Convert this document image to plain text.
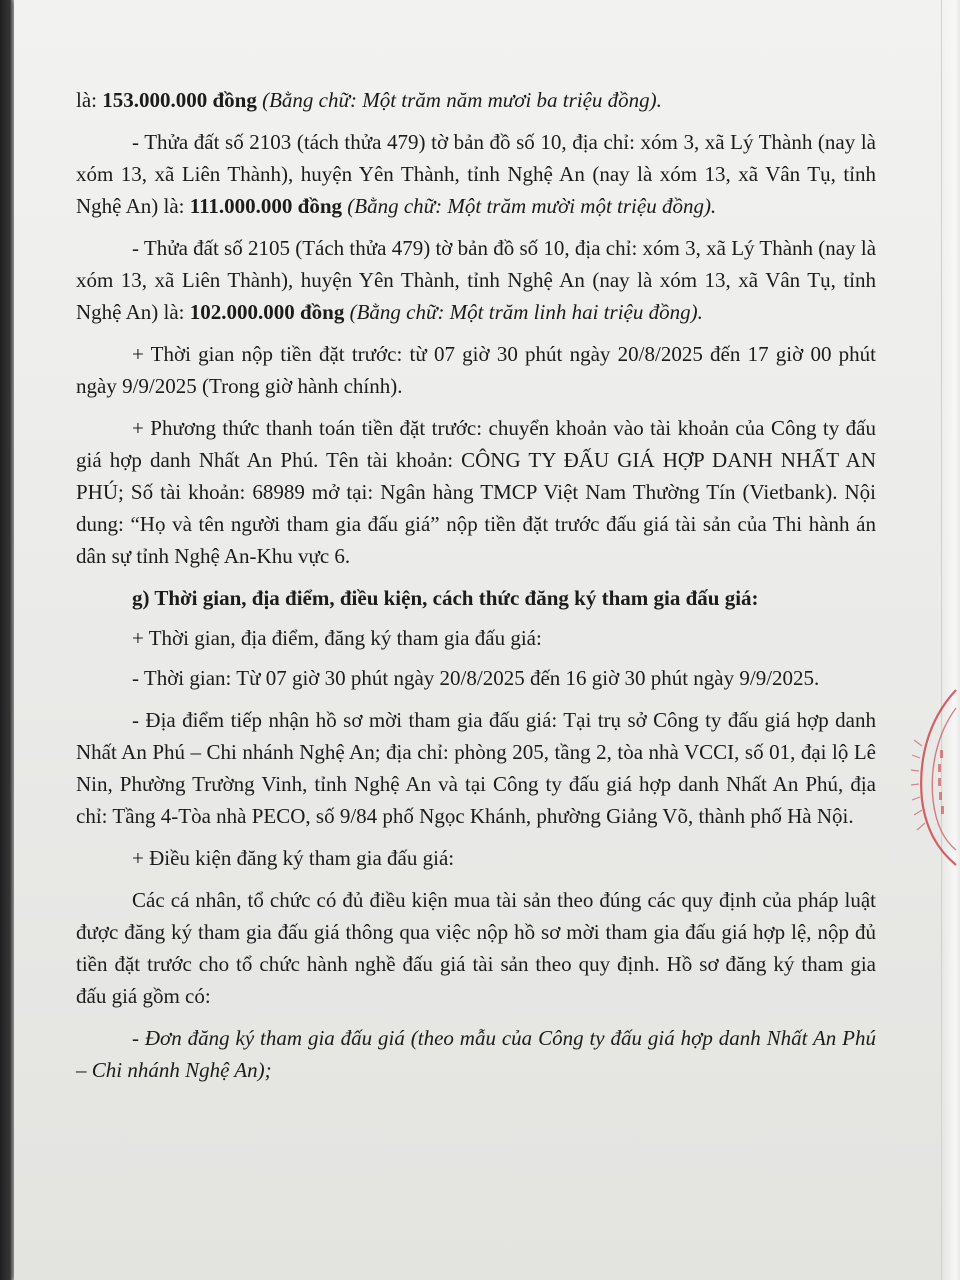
là: 153.000.000 đồng (Bằng chữ: Một trăm năm mươi ba triệu đồng).

- Thửa đất số 2103 (tách thửa 479) tờ bản đồ số 10, địa chỉ: xóm 3, xã Lý Thành (nay là xóm 13, xã Liên Thành), huyện Yên Thành, tỉnh Nghệ An (nay là xóm 13, xã Vân Tụ, tỉnh Nghệ An) là: 111.000.000 đồng (Bằng chữ: Một trăm mười một triệu đồng).

- Thửa đất số 2105 (Tách thửa 479) tờ bản đồ số 10, địa chỉ: xóm 3, xã Lý Thành (nay là xóm 13, xã Liên Thành), huyện Yên Thành, tỉnh Nghệ An (nay là xóm 13, xã Vân Tụ, tỉnh Nghệ An) là: 102.000.000 đồng (Bằng chữ: Một trăm linh hai triệu đồng).

+ Thời gian nộp tiền đặt trước: từ 07 giờ 30 phút ngày 20/8/2025 đến 17 giờ 00 phút ngày 9/9/2025 (Trong giờ hành chính).

+ Phương thức thanh toán tiền đặt trước: chuyển khoản vào tài khoản của Công ty đấu giá hợp danh Nhất An Phú. Tên tài khoản: CÔNG TY ĐẤU GIÁ HỢP DANH NHẤT AN PHÚ; Số tài khoản: 68989 mở tại: Ngân hàng TMCP Việt Nam Thường Tín (Vietbank). Nội dung: “Họ và tên người tham gia đấu giá” nộp tiền đặt trước đấu giá tài sản của Thi hành án dân sự tỉnh Nghệ An-Khu vực 6.

g) Thời gian, địa điểm, điều kiện, cách thức đăng ký tham gia đấu giá:

+ Thời gian, địa điểm, đăng ký tham gia đấu giá:

- Thời gian: Từ 07 giờ 30 phút ngày 20/8/2025 đến 16 giờ 30 phút ngày 9/9/2025.

- Địa điểm tiếp nhận hồ sơ mời tham gia đấu giá: Tại trụ sở Công ty đấu giá hợp danh Nhất An Phú – Chi nhánh Nghệ An; địa chỉ: phòng 205, tầng 2, tòa nhà VCCI, số 01, đại lộ Lê Nin, Phường Trường Vinh, tỉnh Nghệ An và tại Công ty đấu giá hợp danh Nhất An Phú, địa chỉ: Tầng 4-Tòa nhà PECO, số 9/84 phố Ngọc Khánh, phường Giảng Võ, thành phố Hà Nội.

+ Điều kiện đăng ký tham gia đấu giá:

Các cá nhân, tổ chức có đủ điều kiện mua tài sản theo đúng các quy định của pháp luật được đăng ký tham gia đấu giá thông qua việc nộp hồ sơ mời tham gia đấu giá hợp lệ, nộp đủ tiền đặt trước cho tổ chức hành nghề đấu giá tài sản theo quy định. Hồ sơ đăng ký tham gia đấu giá gồm có:

- Đơn đăng ký tham gia đấu giá (theo mẫu của Công ty đấu giá hợp danh Nhất An Phú – Chi nhánh Nghệ An);
